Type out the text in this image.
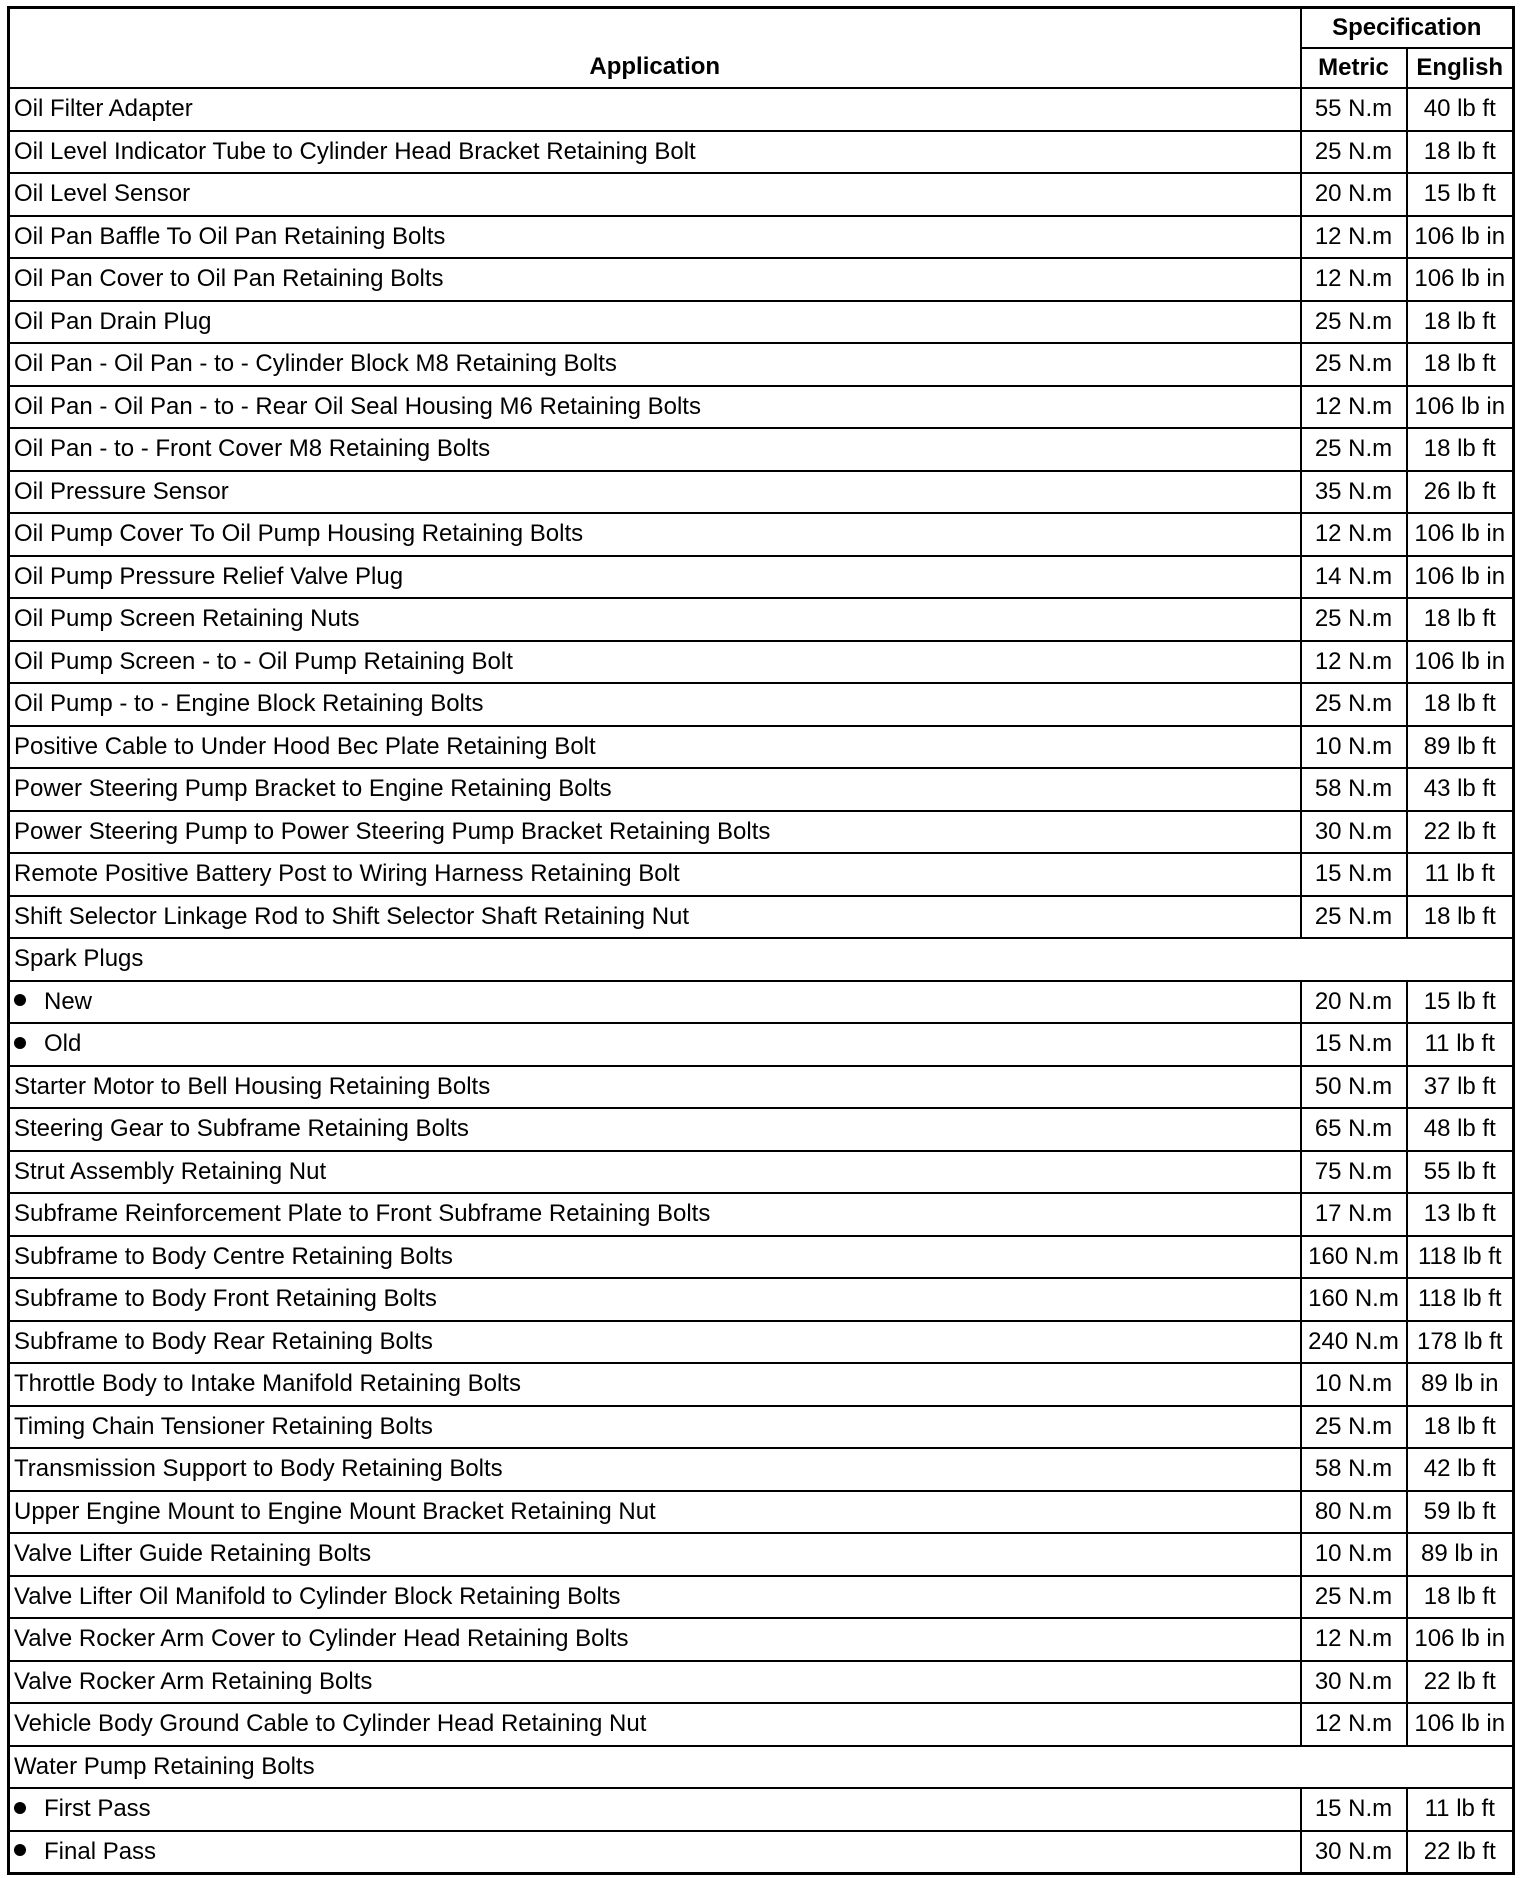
Application	Specification	
	Metric	English
Oil Filter Adapter	55 N.m	40 lb ft
Oil Level Indicator Tube to Cylinder Head Bracket Retaining Bolt	25 N.m	18 lb ft
Oil Level Sensor	20 N.m	15 lb ft
Oil Pan Baffle To Oil Pan Retaining Bolts	12 N.m	106 lb in
Oil Pan Cover to Oil Pan Retaining Bolts	12 N.m	106 lb in
Oil Pan Drain Plug	25 N.m	18 lb ft
Oil Pan - Oil Pan - to - Cylinder Block M8 Retaining Bolts	25 N.m	18 lb ft
Oil Pan - Oil Pan - to - Rear Oil Seal Housing M6 Retaining Bolts	12 N.m	106 lb in
Oil Pan - to - Front Cover M8 Retaining Bolts	25 N.m	18 lb ft
Oil Pressure Sensor	35 N.m	26 lb ft
Oil Pump Cover To Oil Pump Housing Retaining Bolts	12 N.m	106 lb in
Oil Pump Pressure Relief Valve Plug	14 N.m	106 lb in
Oil Pump Screen Retaining Nuts	25 N.m	18 lb ft
Oil Pump Screen - to - Oil Pump Retaining Bolt	12 N.m	106 lb in
Oil Pump - to - Engine Block Retaining Bolts	25 N.m	18 lb ft
Positive Cable to Under Hood Bec Plate Retaining Bolt	10 N.m	89 lb ft
Power Steering Pump Bracket to Engine Retaining Bolts	58 N.m	43 lb ft
Power Steering Pump to Power Steering Pump Bracket Retaining Bolts	30 N.m	22 lb ft
Remote Positive Battery Post to Wiring Harness Retaining Bolt	15 N.m	11 lb ft
Shift Selector Linkage Rod to Shift Selector Shaft Retaining Nut	25 N.m	18 lb ft
Spark Plugs		
New	20 N.m	15 lb ft
Old	15 N.m	11 lb ft
Starter Motor to Bell Housing Retaining Bolts	50 N.m	37 lb ft
Steering Gear to Subframe Retaining Bolts	65 N.m	48 lb ft
Strut Assembly Retaining Nut	75 N.m	55 lb ft
Subframe Reinforcement Plate to Front Subframe Retaining Bolts	17 N.m	13 lb ft
Subframe to Body Centre Retaining Bolts	160 N.m	118 lb ft
Subframe to Body Front Retaining Bolts	160 N.m	118 lb ft
Subframe to Body Rear Retaining Bolts	240 N.m	178 lb ft
Throttle Body to Intake Manifold Retaining Bolts	10 N.m	89 lb in
Timing Chain Tensioner Retaining Bolts	25 N.m	18 lb ft
Transmission Support to Body Retaining Bolts	58 N.m	42 lb ft
Upper Engine Mount to Engine Mount Bracket Retaining Nut	80 N.m	59 lb ft
Valve Lifter Guide Retaining Bolts	10 N.m	89 lb in
Valve Lifter Oil Manifold to Cylinder Block Retaining Bolts	25 N.m	18 lb ft
Valve Rocker Arm Cover to Cylinder Head Retaining Bolts	12 N.m	106 lb in
Valve Rocker Arm Retaining Bolts	30 N.m	22 lb ft
Vehicle Body Ground Cable to Cylinder Head Retaining Nut	12 N.m	106 lb in
Water Pump Retaining Bolts		
First Pass	15 N.m	11 lb ft
Final Pass	30 N.m	22 lb ft
